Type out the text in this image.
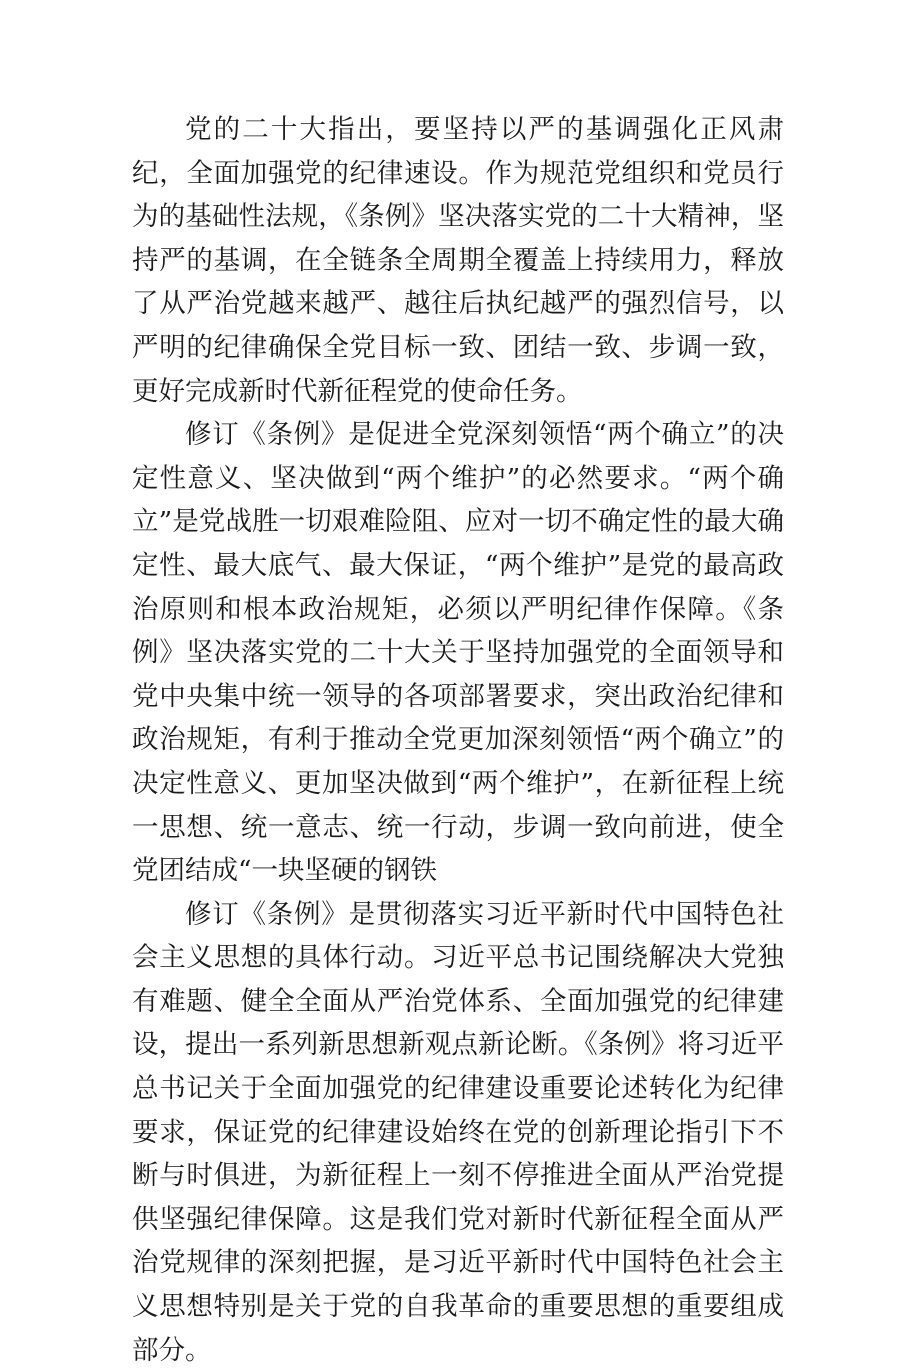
党的二十大指出，要坚持以严的基调强化正风肃纪，全面加强党的纪律速设。作为规范党组织和党员行为的基础性法规，《条例》坚决落实党的二十大精神，坚持严的基调，在全链条全周期全覆盖上持续用力，释放了从严治党越来越严、越往后执纪越严的强烈信号，以严明的纪律确保全党目标一致、团结一致、步调一致，更好完成新时代新征程党的使命任务。

修订《条例》是促进全党深刻领悟“两个确立”的决定性意义、坚决做到“两个维护”的必然要求。“两个确立”是党战胜一切艰难险阻、应对一切不确定性的最大确定性、最大底气、最大保证，“两个维护”是党的最高政治原则和根本政治规矩，必须以严明纪律作保障。《条例》坚决落实党的二十大关于坚持加强党的全面领导和党中央集中统一领导的各项部署要求，突出政治纪律和政治规矩，有利于推动全党更加深刻领悟“两个确立”的决定性意义、更加坚决做到“两个维护”，在新征程上统一思想、统一意志、统一行动，步调一致向前进，使全党团结成“一块坚硬的钢铁

修订《条例》是贯彻落实习近平新时代中国特色社会主义思想的具体行动。习近平总书记围绕解决大党独有难题、健全全面从严治党体系、全面加强党的纪律建设，提出一系列新思想新观点新论断。《条例》将习近平总书记关于全面加强党的纪律建设重要论述转化为纪律要求，保证党的纪律建设始终在党的创新理论指引下不断与时俱进，为新征程上一刻不停推进全面从严治党提供坚强纪律保障。这是我们党对新时代新征程全面从严治党规律的深刻把握，是习近平新时代中国特色社会主义思想特别是关于党的自我革命的重要思想的重要组成部分。
